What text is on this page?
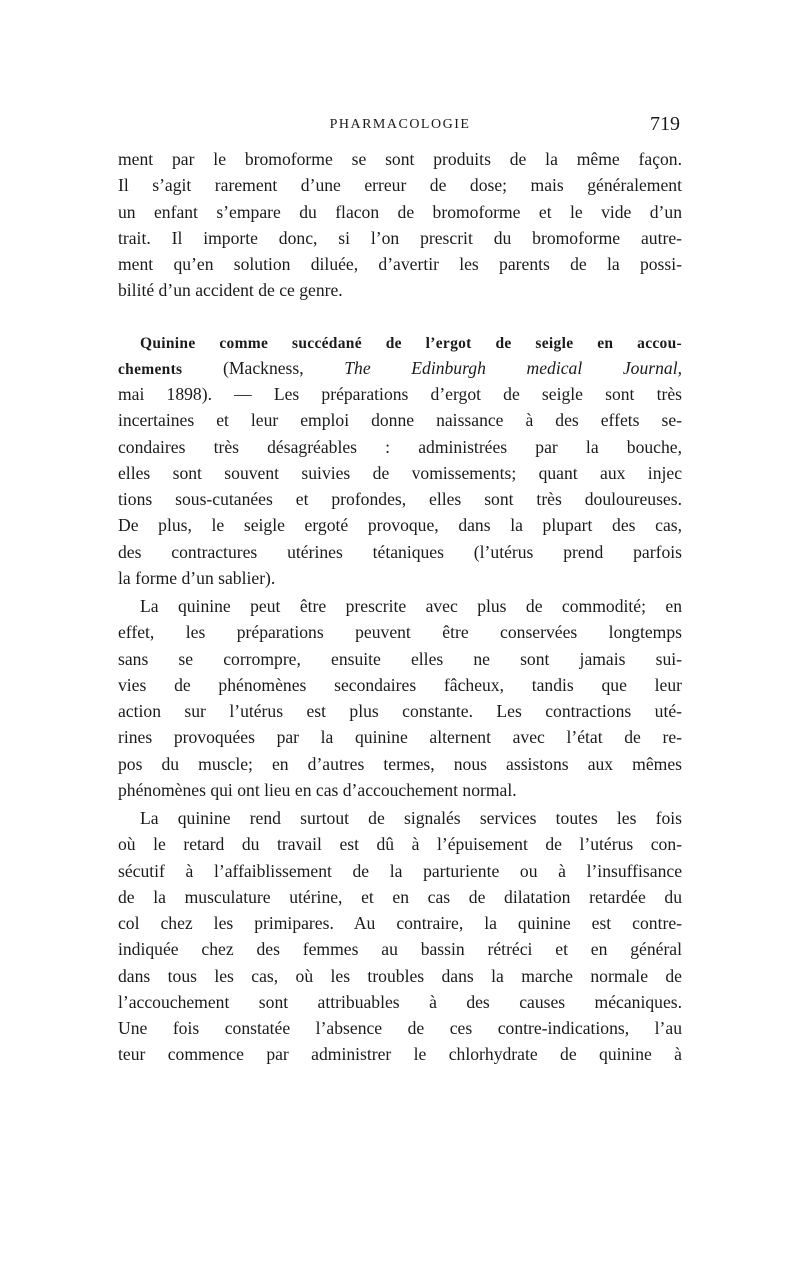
PHARMACOLOGIE	719
ment par le bromoforme se sont produits de la même façon.
Il s’agit rarement d’une erreur de dose; mais généralement
un enfant s’empare du flacon de bromoforme et le vide d’un
trait. Il importe donc, si l’on prescrit du bromoforme autre-
ment qu’en solution diluée, d’avertir les parents de la possi-
bilité d’un accident de ce genre.
Quinine comme succédané de l’ergot de seigle en accou-
chements (Mackness, The Edinburgh medical Journal,
mai 1898). — Les préparations d’ergot de seigle sont très
incertaines et leur emploi donne naissance à des effets se-
condaires très désagréables : administrées par la bouche,
elles sont souvent suivies de vomissements; quant aux injec
tions sous-cutanées et profondes, elles sont très douloureuses.
De plus, le seigle ergoté provoque, dans la plupart des cas,
des contractures utérines tétaniques (l’utérus prend parfois
la forme d’un sablier).
La quinine peut être prescrite avec plus de commodité; en
effet, les préparations peuvent être conservées longtemps
sans se corrompre, ensuite elles ne sont jamais sui-
vies de phénomènes secondaires fâcheux, tandis que leur
action sur l’utérus est plus constante. Les contractions uté-
rines provoquées par la quinine alternent avec l’état de re-
pos du muscle; en d’autres termes, nous assistons aux mêmes
phénomènes qui ont lieu en cas d’accouchement normal.
La quinine rend surtout de signalés services toutes les fois
où le retard du travail est dû à l’épuisement de l’utérus con-
sécutif à l’affaiblissement de la parturiente ou à l’insuffisance
de la musculature utérine, et en cas de dilatation retardée du
col chez les primipares. Au contraire, la quinine est contre-
indiquée chez des femmes au bassin rétréci et en général
dans tous les cas, où les troubles dans la marche normale de
l’accouchement sont attribuables à des causes mécaniques.
Une fois constatée l’absence de ces contre-indications, l’au
teur commence par administrer le chlorhydrate de quinine à
